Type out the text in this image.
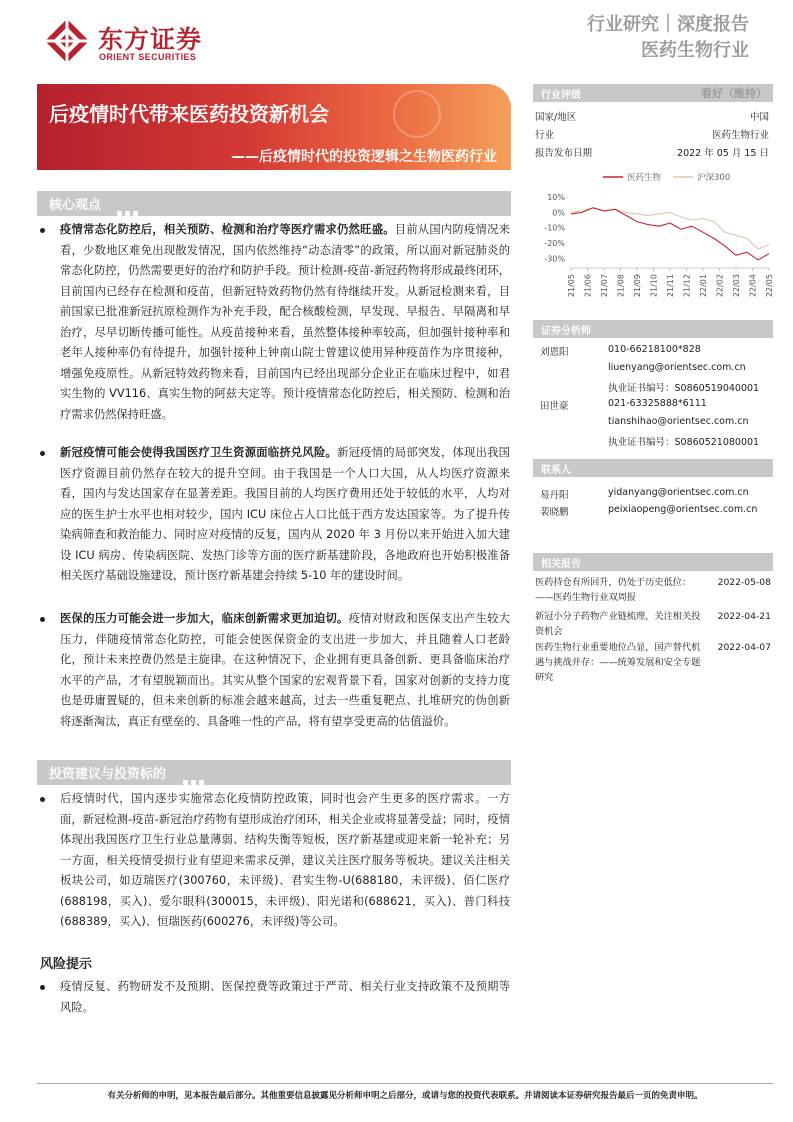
东方证券
ORIENT SECURITIES
行业研究｜深度报告
医药生物行业
后疫情时代带来医药投资新机会
——后疫情时代的投资逻辑之生物医药行业
核心观点

疫情常态化防控后，相关预防、检测和治疗等医疗需求仍然旺盛。目前从国内防疫情况来看，少数地区难免出现散发情况，国内依然维持“动态清零”的政策，所以面对新冠肺炎的常态化防控，仍然需要更好的治疗和防护手段。预计检测-疫苗-新冠药物将形成最终闭环，目前国内已经存在检测和疫苗，但新冠特效药物仍然有待继续开发。从新冠检测来看，目前国家已批准新冠抗原检测作为补充手段，配合核酸检测，早发现、早报告、早隔离和早治疗，尽早切断传播可能性。从疫苗接种来看，虽然整体接种率较高，但加强针接种率和老年人接种率仍有待提升，加强针接种上钟南山院士曾建议使用异种疫苗作为序贯接种，增强免疫原性。从新冠特效药物来看，目前国内已经出现部分企业正在临床过程中，如君实生物的 VV116、真实生物的阿兹夫定等。预计疫情常态化防控后，相关预防、检测和治疗需求仍然保持旺盛。

新冠疫情可能会使得我国医疗卫生资源面临挤兑风险。新冠疫情的局部突发，体现出我国医疗资源目前仍然存在较大的提升空间。由于我国是一个人口大国，从人均医疗资源来看，国内与发达国家存在显著差距。我国目前的人均医疗费用还处于较低的水平，人均对应的医生护士水平也相对较少，国内 ICU 床位占人口比低于西方发达国家等。为了提升传染病筛查和救治能力、同时应对疫情的反复，国内从 2020 年 3 月份以来开始进入加大建设 ICU 病房、传染病医院、发热门诊等方面的医疗新基建阶段，各地政府也开始积极准备相关医疗基础设施建设，预计医疗新基建会持续 5-10 年的建设时间。

医保的压力可能会进一步加大，临床创新需求更加迫切。疫情对财政和医保支出产生较大压力，伴随疫情常态化防控，可能会使医保资金的支出进一步加大，并且随着人口老龄化，预计未来控费仍然是主旋律。在这种情况下，企业拥有更具备创新、更具备临床治疗水平的产品，才有望脱颖而出。其实从整个国家的宏观背景下看，国家对创新的支持力度也是毋庸置疑的，但未来创新的标准会越来越高，过去一些重复靶点、扎堆研究的伪创新将逐渐淘汰，真正有壁垒的、具备唯一性的产品，将有望享受更高的估值溢价。

投资建议与投资标的

后疫情时代，国内逐步实施常态化疫情防控政策，同时也会产生更多的医疗需求。一方面，新冠检测-疫苗-新冠治疗药物有望形成治疗闭环，相关企业或将显著受益；同时，疫情体现出我国医疗卫生行业总量薄弱、结构失衡等短板，医疗新基建或迎来新一轮补充；另一方面，相关疫情受损行业有望迎来需求反弹，建议关注医疗服务等板块。建议关注相关板块公司，如迈瑞医疗(300760，未评级)、君实生物-U(688180，未评级)、佰仁医疗(688198，买入)、爱尔眼科(300015，未评级)、阳光诺和(688621，买入)、普门科技(688389，买入)、恒瑞医药(600276，未评级)等公司。

风险提示

疫情反复、药物研发不及预期、医保控费等政策过于严苛、相关行业支持政策不及预期等风险。

行业评级	看好（维持）
国家/地区	中国
行业	医药生物行业
报告发布日期	2022 年 05 月 15 日
医药生物	沪深300
10%
0%
-10%
-20%
-30%
21/05 21/06 21/07 21/08 21/09 21/10 21/11 21/12 22/01 22/02 22/03 22/04 22/05
证券分析师
刘恩阳	010-66218100*828
liuenyang@orientsec.com.cn
执业证书编号：S0860519040001
田世豪	021-63325888*6111
tianshihao@orientsec.com.cn
执业证书编号：S0860521080001
联系人
易丹阳	yidanyang@orientsec.com.cn
裴晓鹏	peixiaopeng@orientsec.com.cn
相关报告
医药持仓有所回升，仍处于历史低位：——医药生物行业双周报
2022-05-08
新冠小分子药物产业链梳理，关注相关投资机会
2022-04-21
医药生物行业重要地位凸显，国产替代机遇与挑战并存：——统筹发展和安全专题研究
2022-04-07
有关分析师的申明，见本报告最后部分。其他重要信息披露见分析师申明之后部分，或请与您的投资代表联系。并请阅读本证券研究报告最后一页的免责申明。
